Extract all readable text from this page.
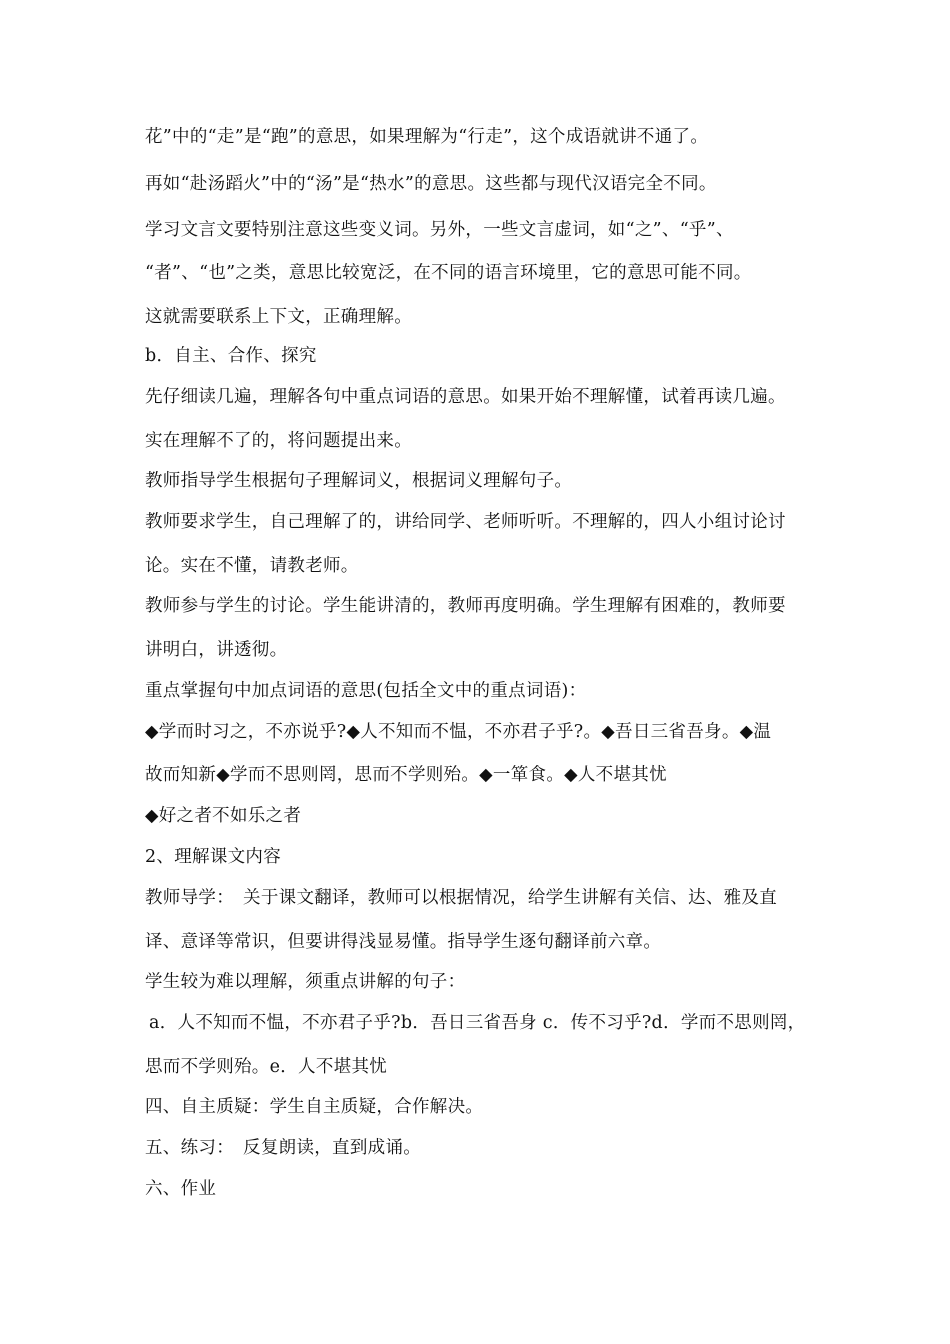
花”中的“走”是“跑”的意思，如果理解为“行走”，这个成语就讲不通了。
再如“赴汤蹈火”中的“汤”是“热水”的意思。这些都与现代汉语完全不同。
学习文言文要特别注意这些变义词。另外，一些文言虚词，如“之”、“乎”、
“者”、“也”之类，意思比较宽泛，在不同的语言环境里，它的意思可能不同。
这就需要联系上下文，正确理解。
b．自主、合作、探究
先仔细读几遍，理解各句中重点词语的意思。如果开始不理解懂，试着再读几遍。
实在理解不了的，将问题提出来。
教师指导学生根据句子理解词义，根据词义理解句子。
教师要求学生，自己理解了的，讲给同学、老师听听。不理解的，四人小组讨论讨
论。实在不懂，请教老师。
教师参与学生的讨论。学生能讲清的，教师再度明确。学生理解有困难的，教师要
讲明白，讲透彻。
重点掌握句中加点词语的意思(包括全文中的重点词语)：
◆学而时习之，不亦说乎?◆人不知而不愠，不亦君子乎?。◆吾日三省吾身。◆温
故而知新◆学而不思则罔，思而不学则殆。◆一箪食。◆人不堪其忧
◆好之者不如乐之者
2、理解课文内容
教师导学：　关于课文翻译，教师可以根据情况，给学生讲解有关信、达、雅及直
译、意译等常识，但要讲得浅显易懂。指导学生逐句翻译前六章。
学生较为难以理解，须重点讲解的句子：
a．人不知而不愠，不亦君子乎?b．吾日三省吾身 c．传不习乎?d．学而不思则罔，
思而不学则殆。e．人不堪其忧
四、自主质疑：学生自主质疑，合作解决。
五、练习：　反复朗读，直到成诵。
六、作业
